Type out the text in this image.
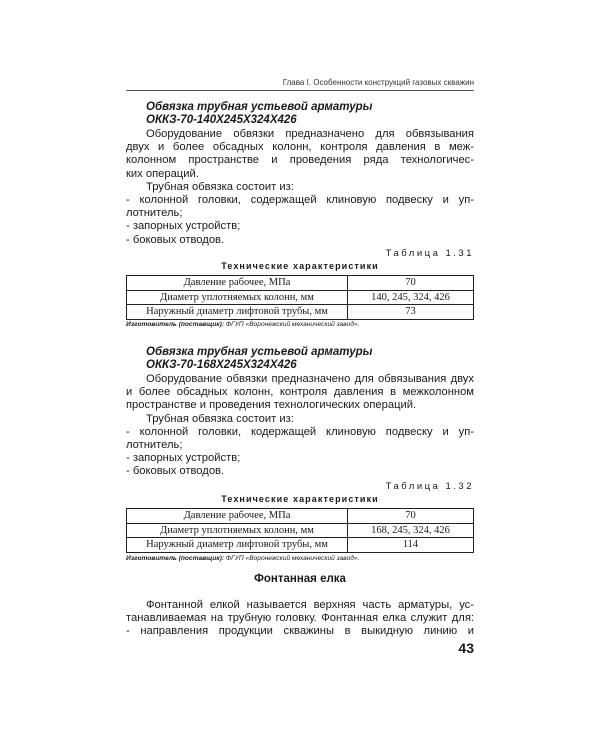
Глава I. Особенности конструкций газовых скважин

Обвязка трубная устьевой арматуры

ОККЗ-70-140Х245Х324Х426

Оборудование обвязки предназначено для обвязывания

двух и более обсадных колонн, контроля давления в меж-

колонном пространстве и проведения ряда технологичес-

ких операций.

Трубная обвязка состоит из:

- колонной головки, содержащей клиновую подвеску и уп-

лотнитель;

- запорных устройств;

- боковых отводов.

Таблица 1.31

Технические характеристики

Давление рабочее, МПа	70
Диаметр уплотняемых колонн, мм	140, 245, 324, 426
Наружный диаметр лифтовой трубы, мм	73

Изготовитель (поставщик): ФГУП «Воронежский механический завод».

Обвязка трубная устьевой арматуры

ОККЗ-70-168Х245Х324Х426

Оборудование обвязки предназначено для обвязывания двух

и более обсадных колонн, контроля давления в межколонном

пространстве и проведения технологических операций.

Трубная обвязка состоит из:

- колонной головки, кодержащей клиновую подвеску и уп-

лотнитель;

- запорных устройств;

- боковых отводов.

Таблица 1.32

Технические характеристики

Давление рабочее, МПа	70
Диаметр уплотняемых колонн, мм	168, 245, 324, 426
Наружный диаметр лифтовой трубы, мм	114

Изготовитель (поставщик): ФГУП «Воронежский механический завод».

Фонтанная елка

Фонтанной елкой называется верхняя часть арматуры, ус-

танавливаемая на трубную головку. Фонтанная елка служит для:

- направления продукции скважины в выкидную линию и

43
